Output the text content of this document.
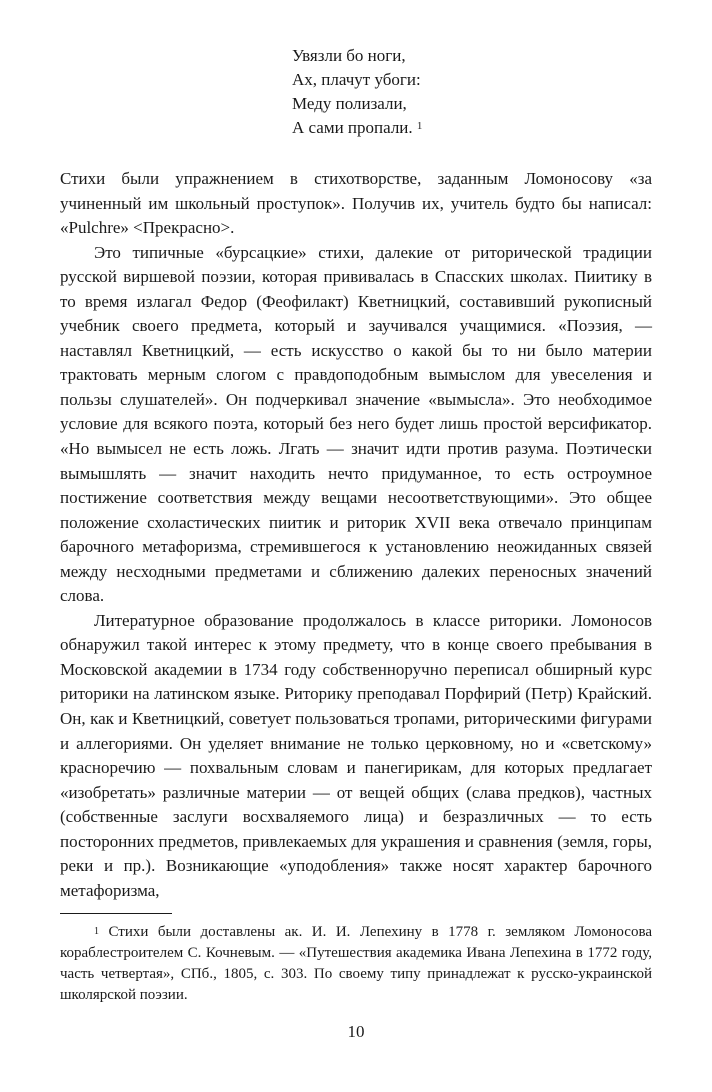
Увязли бо ноги,
Ах, плачут убоги:
Меду полизали,
А сами пропали. $^1$

Стихи были упражнением в стихотворстве, заданным Ломоносову «за учиненный им школьный проступок». Получив их, учитель будто бы написал: «Pulchre» <Прекрасно>.

Это типичные «бурсацкие» стихи, далекие от риторической традиции русской виршевой поэзии, которая прививалась в Спасских школах. Пиитику в то время излагал Федор (Феофилакт) Кветницкий, составивший рукописный учебник своего предмета, который и заучивался учащимися. «Поэзия, — наставлял Кветницкий, — есть искусство о какой бы то ни было материи трактовать мерным слогом с правдоподобным вымыслом для увеселения и пользы слушателей». Он подчеркивал значение «вымысла». Это необходимое условие для всякого поэта, который без него будет лишь простой версификатор. «Но вымысел не есть ложь. Лгать — значит идти против разума. Поэтически вымышлять — значит находить нечто придуманное, то есть остроумное постижение соответствия между вещами несоответствующими». Это общее положение схоластических пиитик и риторик XVII века отвечало принципам барочного метафоризма, стремившегося к установлению неожиданных связей между несходными предметами и сближению далеких переносных значений слова.

Литературное образование продолжалось в классе риторики. Ломоносов обнаружил такой интерес к этому предмету, что в конце своего пребывания в Московской академии в 1734 году собственноручно переписал обширный курс риторики на латинском языке. Риторику преподавал Порфирий (Петр) Крайский. Он, как и Кветницкий, советует пользоваться тропами, риторическими фигурами и аллегориями. Он уделяет внимание не только церковному, но и «светскому» красноречию — похвальным словам и панегирикам, для которых предлагает «изобретать» различные материи — от вещей общих (слава предков), частных (собственные заслуги восхваляемого лица) и безразличных — то есть посторонних предметов, привлекаемых для украшения и сравнения (земля, горы, реки и пр.). Возникающие «уподобления» также носят характер барочного метафоризма,

$^1$ Стихи были доставлены ак. И. И. Лепехину в 1778 г. земляком Ломоносова кораблестроителем С. Кочневым. — «Путешествия академика Ивана Лепехина в 1772 году, часть четвертая», СПб., 1805, с. 303. По своему типу принадлежат к русско-украинской школярской поэзии.
10
